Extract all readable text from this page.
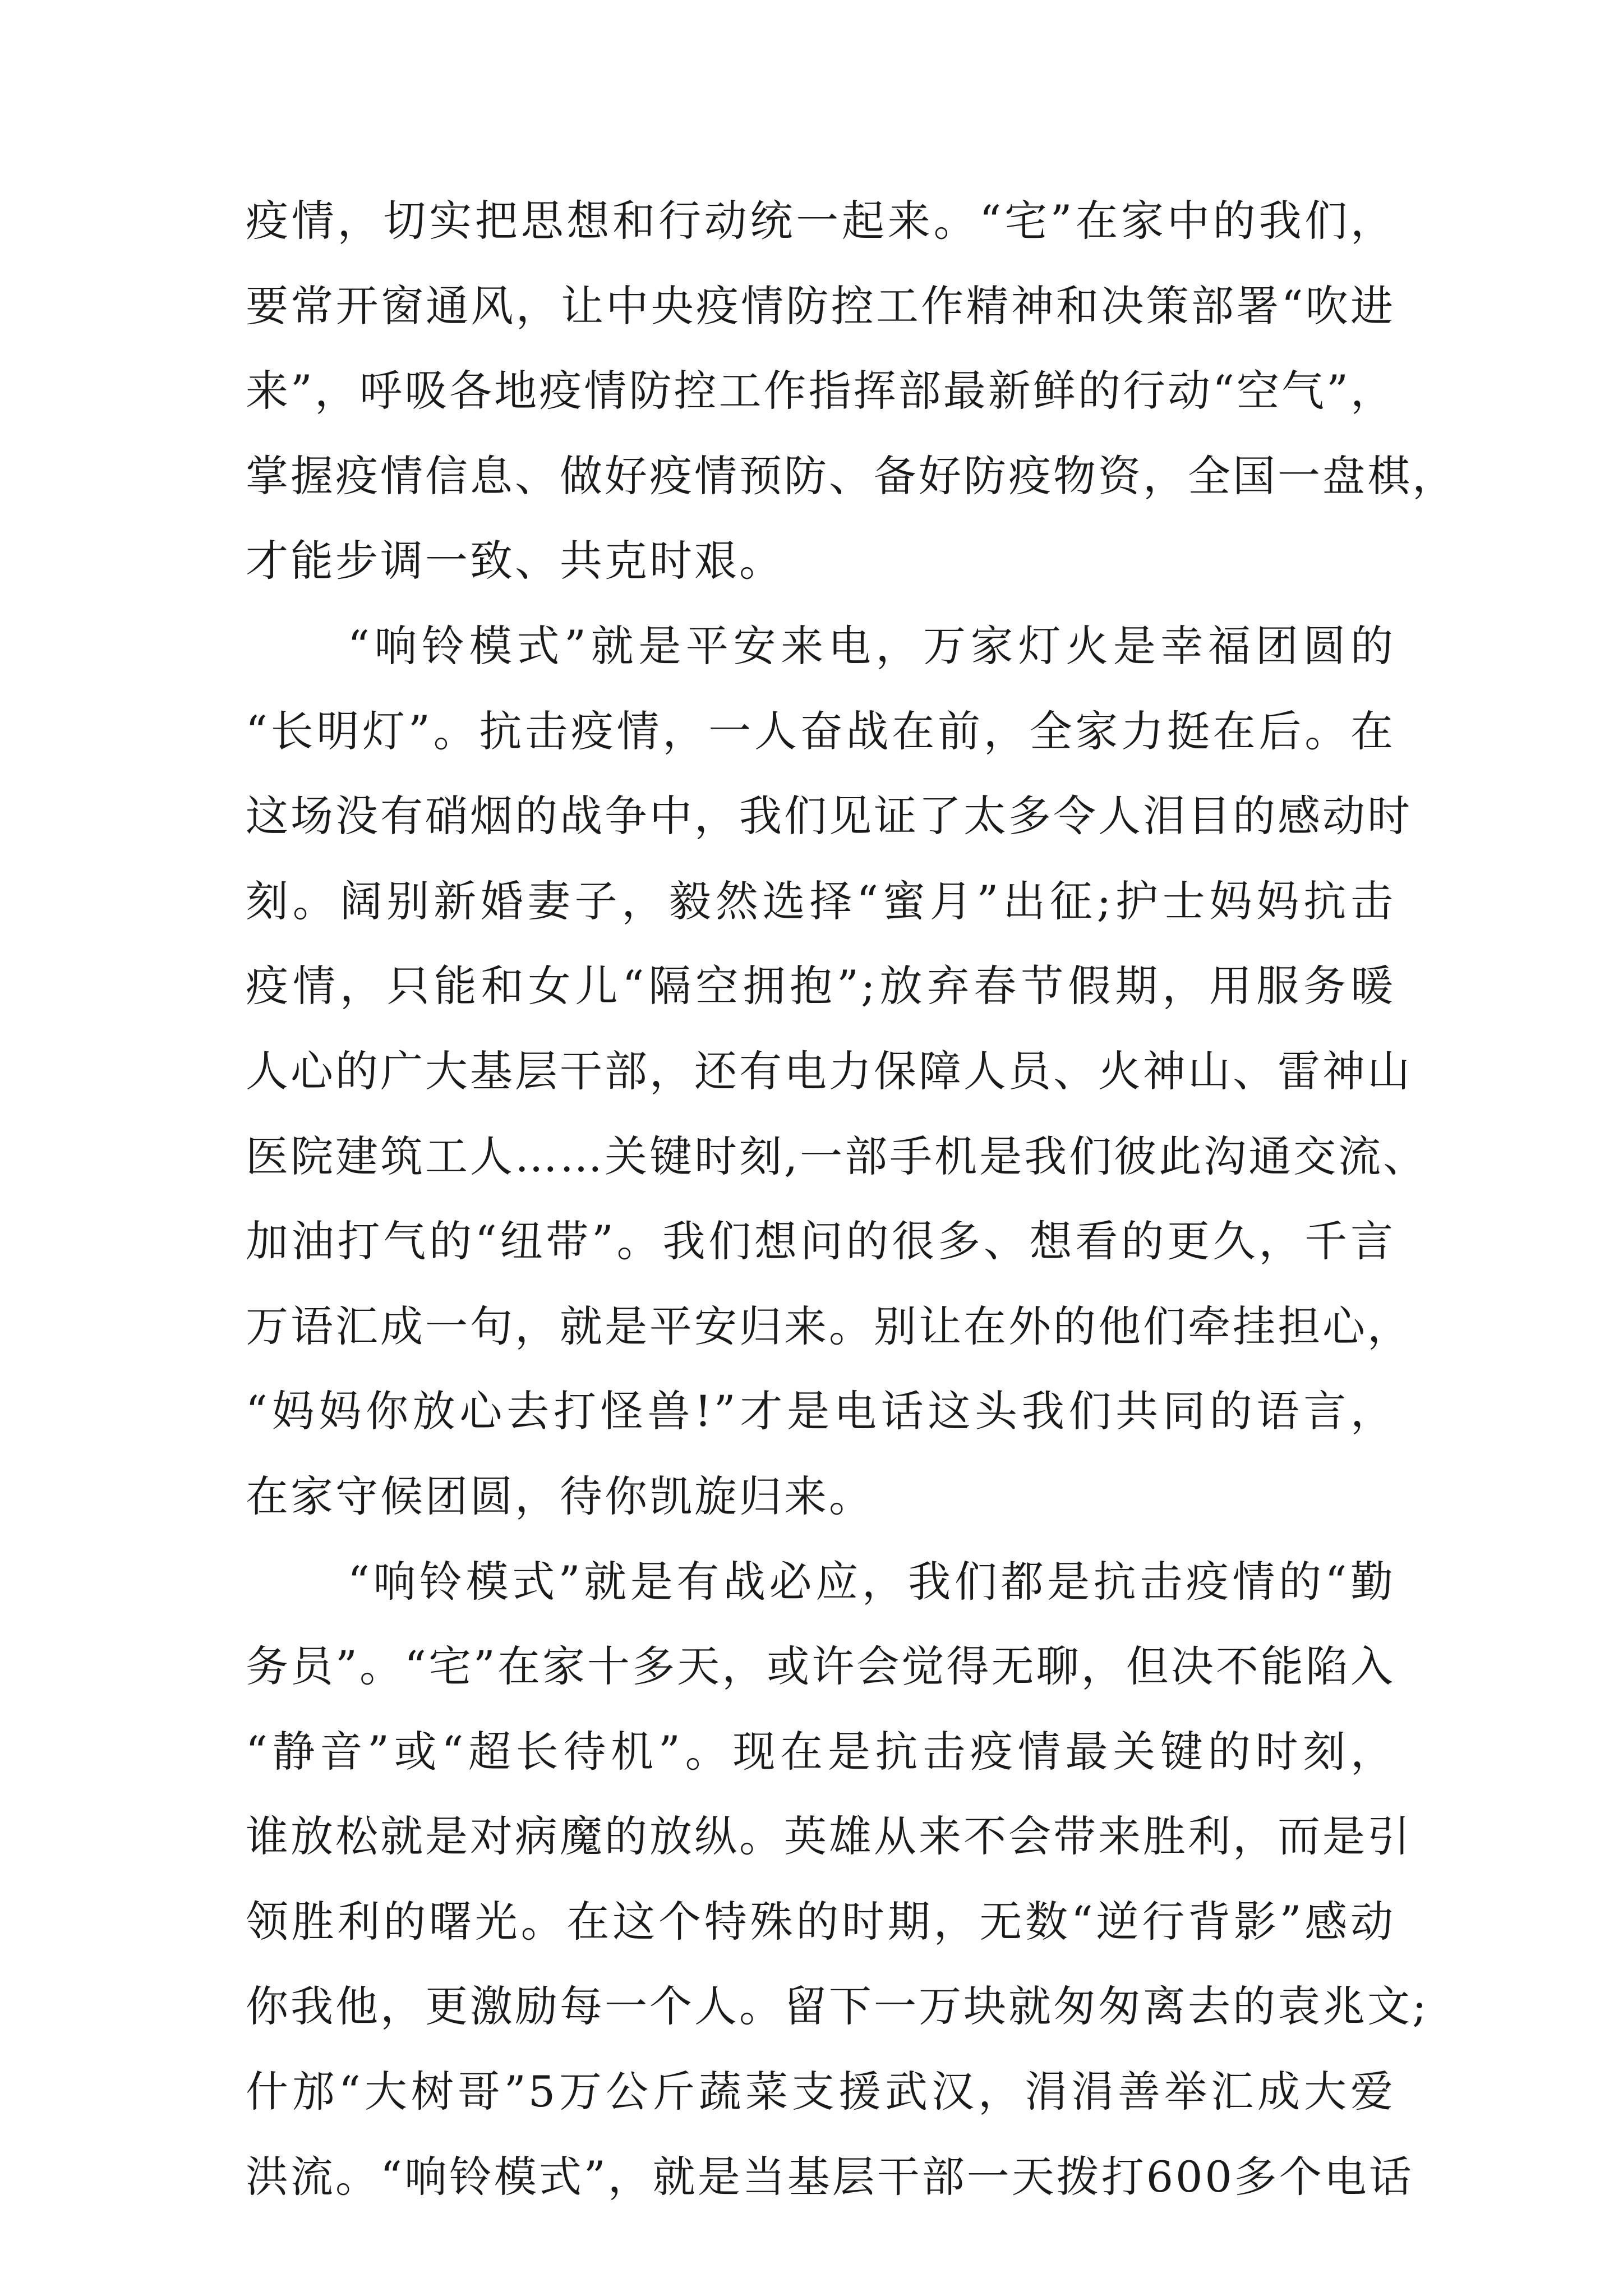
疫情，切实把思想和行动统一起来。“宅”在家中的我们，
要常开窗通风，让中央疫情防控工作精神和决策部署“吹进
来”，呼吸各地疫情防控工作指挥部最新鲜的行动“空气”，
掌握疫情信息、做好疫情预防、备好防疫物资，全国一盘棋，
才能步调一致、共克时艰。
“响铃模式”就是平安来电，万家灯火是幸福团圆的
“长明灯”。抗击疫情，一人奋战在前，全家力挺在后。在
这场没有硝烟的战争中，我们见证了太多令人泪目的感动时
刻。阔别新婚妻子，毅然选择“蜜月”出征;护士妈妈抗击
疫情，只能和女儿“隔空拥抱”;放弃春节假期，用服务暖
人心的广大基层干部，还有电力保障人员、火神山、雷神山
医院建筑工人……关键时刻,一部手机是我们彼此沟通交流、
加油打气的“纽带”。我们想问的很多、想看的更久，千言
万语汇成一句，就是平安归来。别让在外的他们牵挂担心，
“妈妈你放心去打怪兽!”才是电话这头我们共同的语言，
在家守候团圆，待你凯旋归来。
“响铃模式”就是有战必应，我们都是抗击疫情的“勤
务员”。“宅”在家十多天，或许会觉得无聊，但决不能陷入
“静音”或“超长待机”。现在是抗击疫情最关键的时刻，
谁放松就是对病魔的放纵。英雄从来不会带来胜利，而是引
领胜利的曙光。在这个特殊的时期，无数“逆行背影”感动
你我他，更激励每一个人。留下一万块就匆匆离去的袁兆文;
什邡“大树哥”5万公斤蔬菜支援武汉，涓涓善举汇成大爱
洪流。“响铃模式”，就是当基层干部一天拨打600多个电话
